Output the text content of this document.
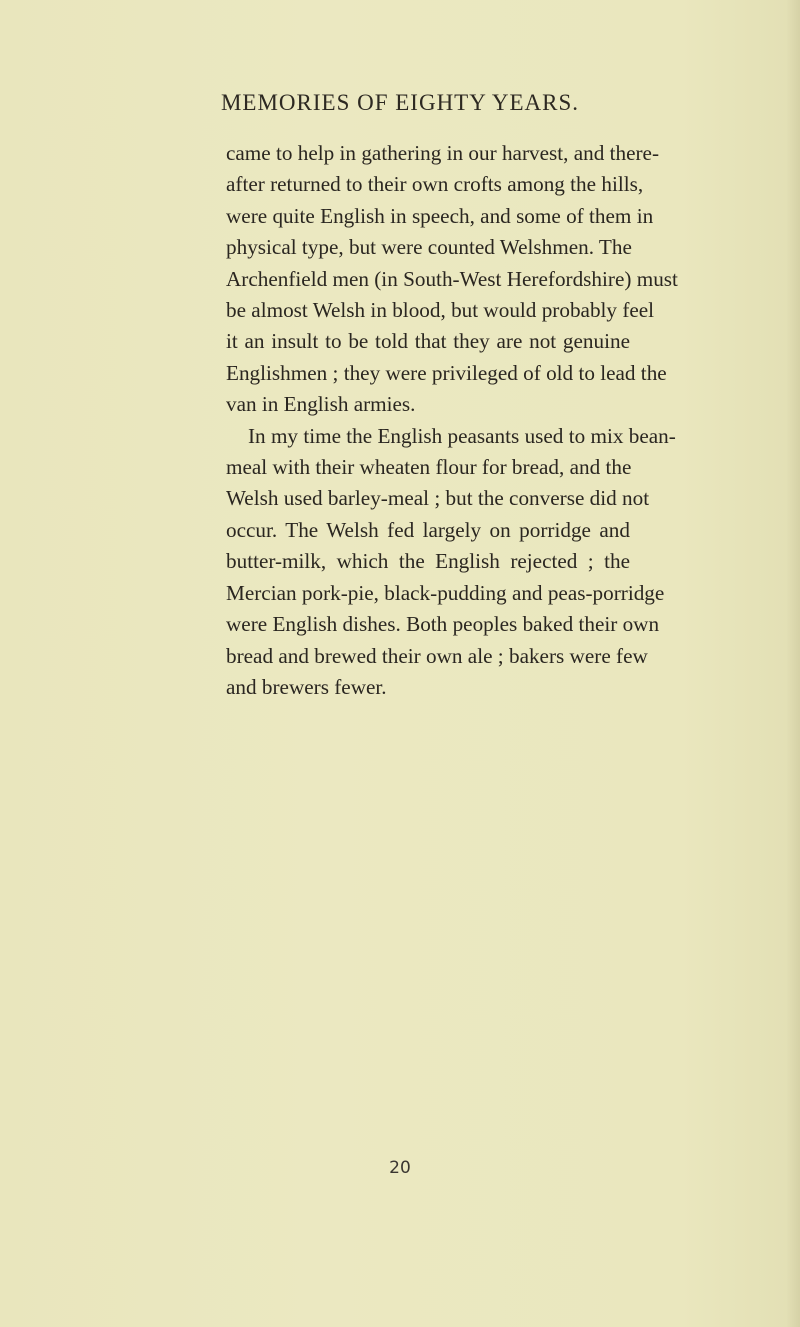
MEMORIES OF EIGHTY YEARS.
came to help in gathering in our harvest, and there-
after returned to their own crofts among the hills,
were quite English in speech, and some of them in
physical type, but were counted Welshmen. The
Archenfield men (in South-West Herefordshire) must
be almost Welsh in blood, but would probably feel
it an insult to be told that they are not genuine
Englishmen ; they were privileged of old to lead the
van in English armies.
In my time the English peasants used to mix bean-
meal with their wheaten flour for bread, and the
Welsh used barley-meal ; but the converse did not
occur. The Welsh fed largely on porridge and
butter-milk, which the English rejected ; the
Mercian pork-pie, black-pudding and peas-porridge
were English dishes. Both peoples baked their own
bread and brewed their own ale ; bakers were few
and brewers fewer.
20
